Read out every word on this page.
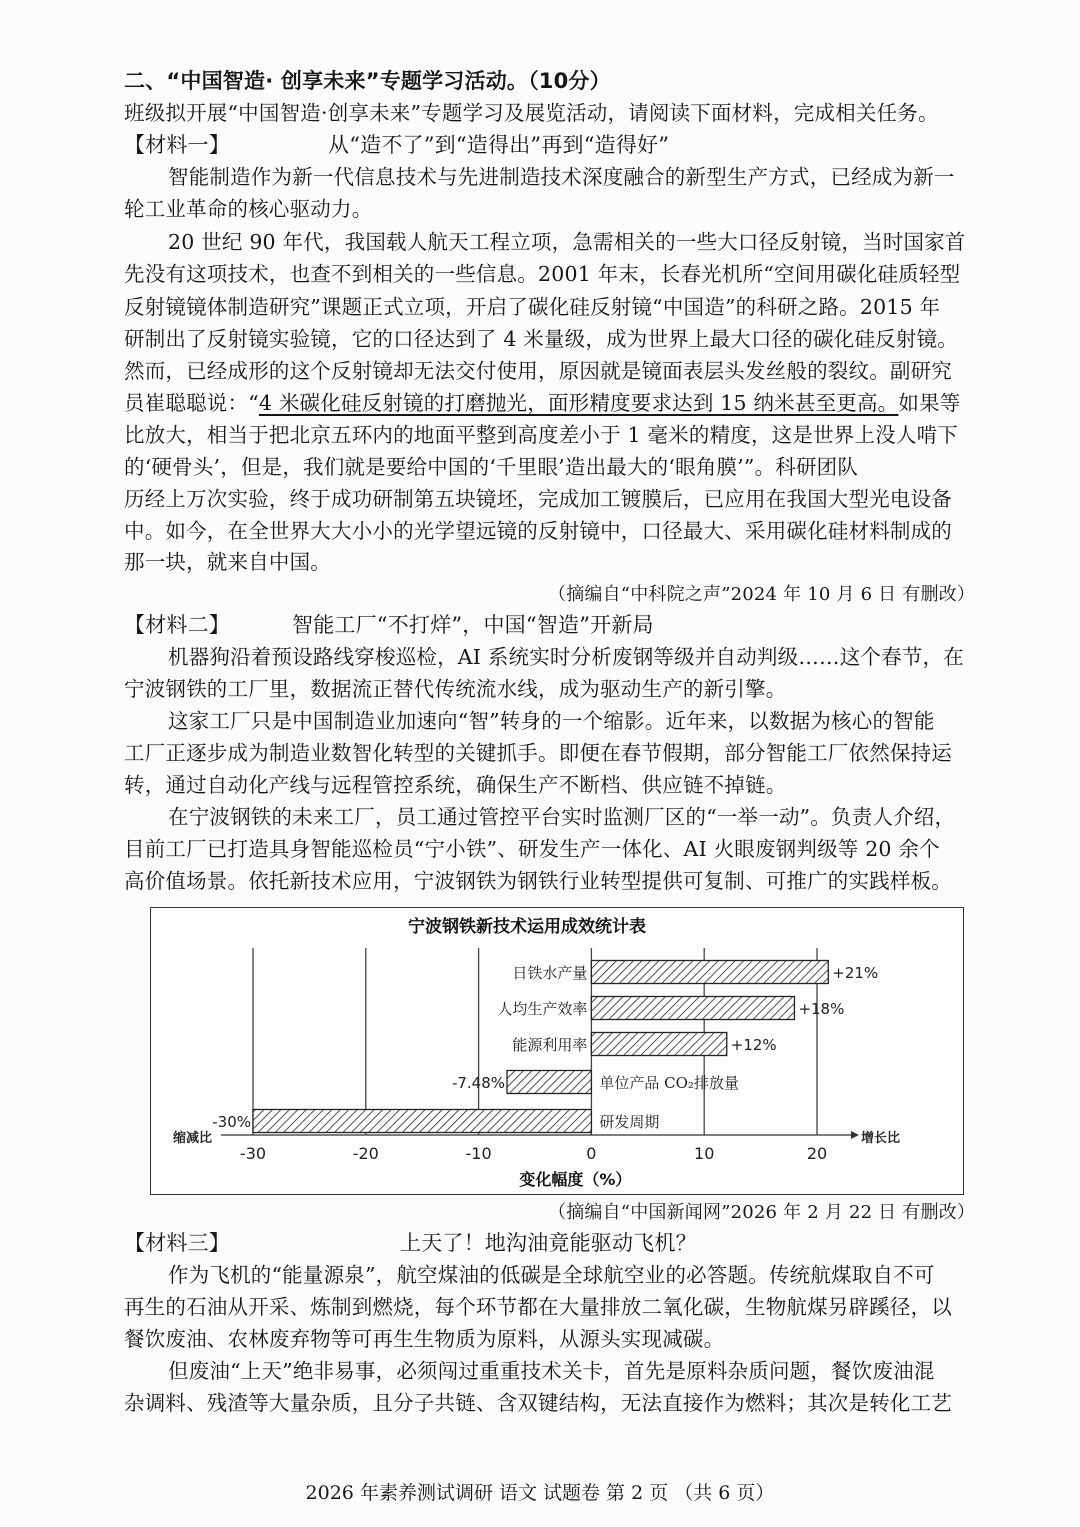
二、“中国智造· 创享未来”专题学习活动。（10分）
班级拟开展“中国智造·创享未来”专题学习及展览活动，请阅读下面材料，完成相关任务。
【材料一】	从“造不了”到“造得出”再到“造得好”
智能制造作为新一代信息技术与先进制造技术深度融合的新型生产方式，已经成为新一
轮工业革命的核心驱动力。
20 世纪 90 年代，我国载人航天工程立项，急需相关的一些大口径反射镜，当时国家首
先没有这项技术，也查不到相关的一些信息。2001 年末，长春光机所“空间用碳化硅质轻型
反射镜镜体制造研究”课题正式立项，开启了碳化硅反射镜“中国造”的科研之路。2015 年
研制出了反射镜实验镜，它的口径达到了 4 米量级，成为世界上最大口径的碳化硅反射镜。
然而，已经成形的这个反射镜却无法交付使用，原因就是镜面表层头发丝般的裂纹。副研究
员崔聪聪说：“4 米碳化硅反射镜的打磨抛光，面形精度要求达到 15 纳米甚至更高。如果等
比放大，相当于把北京五环内的地面平整到高度差小于 1 毫米的精度，这是世界上没人啃下
的‘硬骨头’，但是，我们就是要给中国的‘千里眼’造出最大的‘眼角膜’”。科研团队
历经上万次实验，终于成功研制第五块镜坯，完成加工镀膜后，已应用在我国大型光电设备
中。如今，在全世界大大小小的光学望远镜的反射镜中，口径最大、采用碳化硅材料制成的
那一块，就来自中国。
（摘编自“中科院之声”2024 年 10 月 6 日 有删改）
【材料二】	智能工厂“不打烊”，中国“智造”开新局
机器狗沿着预设路线穿梭巡检，AI 系统实时分析废钢等级并自动判级……这个春节，在
宁波钢铁的工厂里，数据流正替代传统流水线，成为驱动生产的新引擎。
这家工厂只是中国制造业加速向“智”转身的一个缩影。近年来，以数据为核心的智能
工厂正逐步成为制造业数智化转型的关键抓手。即便在春节假期，部分智能工厂依然保持运
转，通过自动化产线与远程管控系统，确保生产不断档、供应链不掉链。
在宁波钢铁的未来工厂，员工通过管控平台实时监测厂区的“一举一动”。负责人介绍，
目前工厂已打造具身智能巡检员“宁小铁”、研发生产一体化、AI 火眼废钢判级等 20 余个
高价值场景。依托新技术应用，宁波钢铁为钢铁行业转型提供可复制、可推广的实践样板。
宁波钢铁新技术运用成效统计表
+21%
日铁水产量
+18%
人均生产效率
+12%
能源利用率
-7.48%	单位产品 CO₂排放量
-30%	研发周期
-30	-20	-10	0	10	20
缩减比	增长比
变化幅度（%）
（摘编自“中国新闻网”2026 年 2 月 22 日 有删改）
【材料三】	上天了！地沟油竟能驱动飞机？
作为飞机的“能量源泉”，航空煤油的低碳是全球航空业的必答题。传统航煤取自不可
再生的石油从开采、炼制到燃烧，每个环节都在大量排放二氧化碳，生物航煤另辟蹊径，以
餐饮废油、农林废弃物等可再生生物质为原料，从源头实现减碳。
但废油“上天”绝非易事，必须闯过重重技术关卡，首先是原料杂质问题，餐饮废油混
杂调料、残渣等大量杂质，且分子共链、含双键结构，无法直接作为燃料；其次是转化工艺
2026 年素养测试调研 语文 试题卷 第 2 页 （共 6 页）
